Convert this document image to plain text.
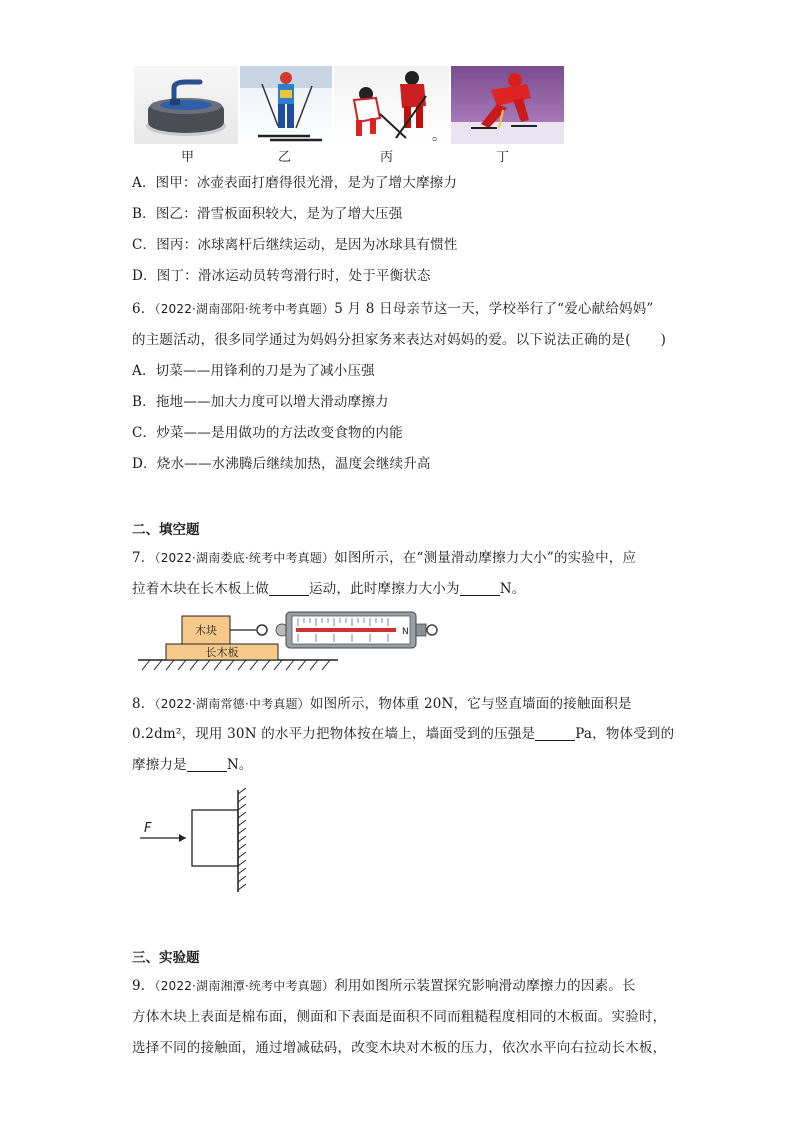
。
甲	乙	丙	丁
A．图甲：冰壶表面打磨得很光滑，是为了增大摩擦力
B．图乙：滑雪板面积较大，是为了增大压强
C．图丙：冰球离杆后继续运动，是因为冰球具有惯性
D．图丁：滑冰运动员转弯滑行时，处于平衡状态
6．（2022·湖南邵阳·统考中考真题）5 月 8 日母亲节这一天，学校举行了“爱心献给妈妈”
的主题活动，很多同学通过为妈妈分担家务来表达对妈妈的爱。以下说法正确的是( )
A．切菜——用锋利的刀是为了减小压强
B．拖地——加大力度可以增大滑动摩擦力
C．炒菜——是用做功的方法改变食物的内能
D．烧水——水沸腾后继续加热，温度会继续升高
二、填空题
7．（2022·湖南娄底·统考中考真题）如图所示，在“测量滑动摩擦力大小”的实验中，应
拉着木块在长木板上做	运动，此时摩擦力大小为	N。
长木板
木块	N
8．（2022·湖南常德·中考真题）如图所示，物体重 20N，它与竖直墙面的接触面积是
0.2dm²，现用 30N 的水平力把物体按在墙上，墙面受到的压强是	Pa，物体受到的
摩擦力是	N。
F
三、实验题
9．（2022·湖南湘潭·统考中考真题）利用如图所示装置探究影响滑动摩擦力的因素。长
方体木块上表面是棉布面，侧面和下表面是面积不同而粗糙程度相同的木板面。实验时，
选择不同的接触面，通过增减砝码，改变木块对木板的压力，依次水平向右拉动长木板，
